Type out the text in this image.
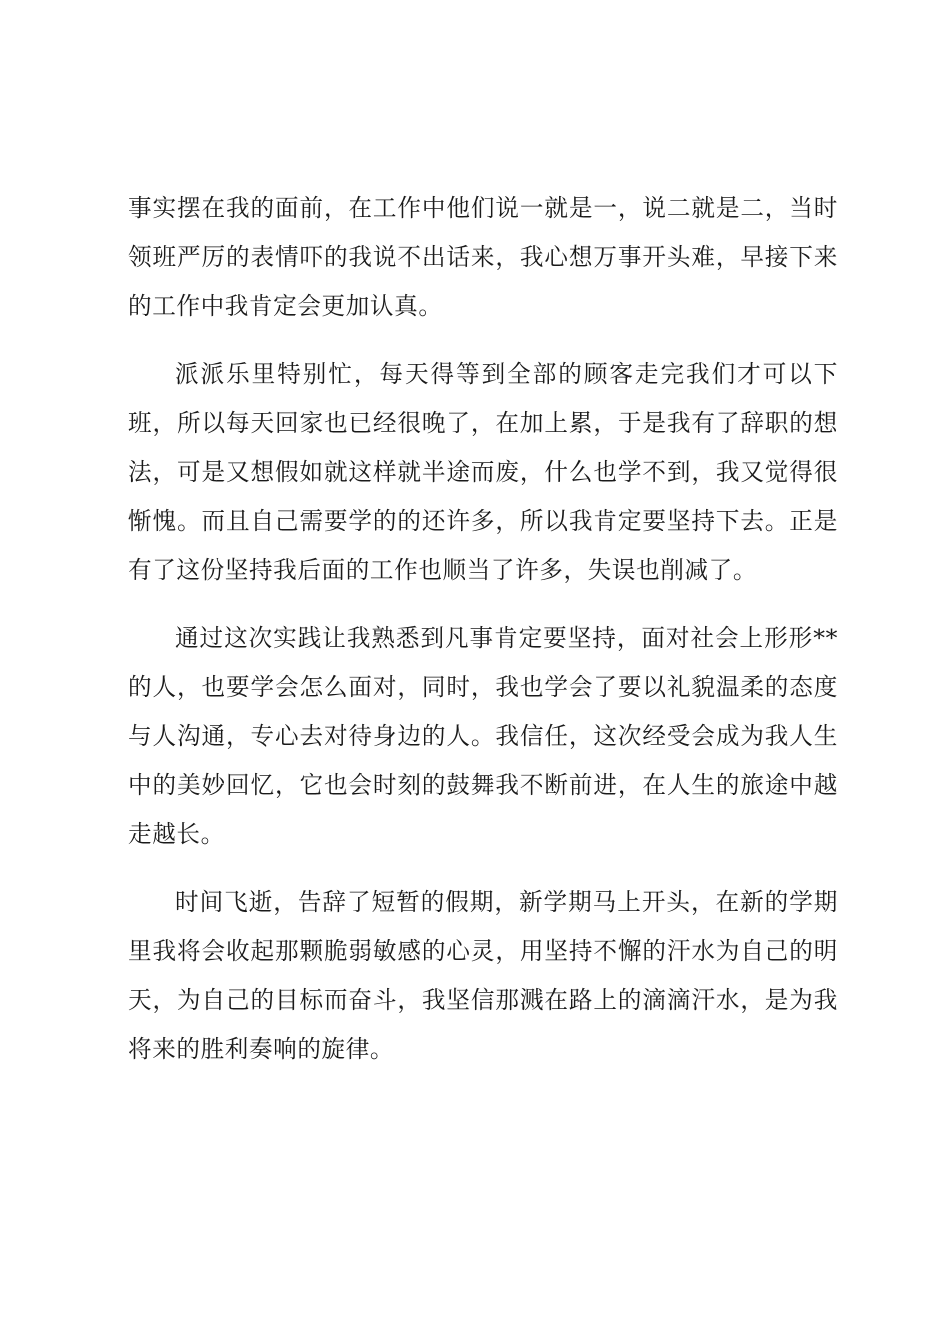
事实摆在我的面前，在工作中他们说一就是一，说二就是二，当时领班严厉的表情吓的我说不出话来，我心想万事开头难，早接下来的工作中我肯定会更加认真。

派派乐里特别忙，每天得等到全部的顾客走完我们才可以下班，所以每天回家也已经很晚了，在加上累，于是我有了辞职的想法，可是又想假如就这样就半途而废，什么也学不到，我又觉得很惭愧。而且自己需要学的的还许多，所以我肯定要坚持下去。正是有了这份坚持我后面的工作也顺当了许多，失误也削减了。

通过这次实践让我熟悉到凡事肯定要坚持，面对社会上形形**的人，也要学会怎么面对，同时，我也学会了要以礼貌温柔的态度与人沟通，专心去对待身边的人。我信任，这次经受会成为我人生中的美妙回忆，它也会时刻的鼓舞我不断前进，在人生的旅途中越走越长。

时间飞逝，告辞了短暂的假期，新学期马上开头，在新的学期里我将会收起那颗脆弱敏感的心灵，用坚持不懈的汗水为自己的明天，为自己的目标而奋斗，我坚信那溅在路上的滴滴汗水，是为我将来的胜利奏响的旋律。
